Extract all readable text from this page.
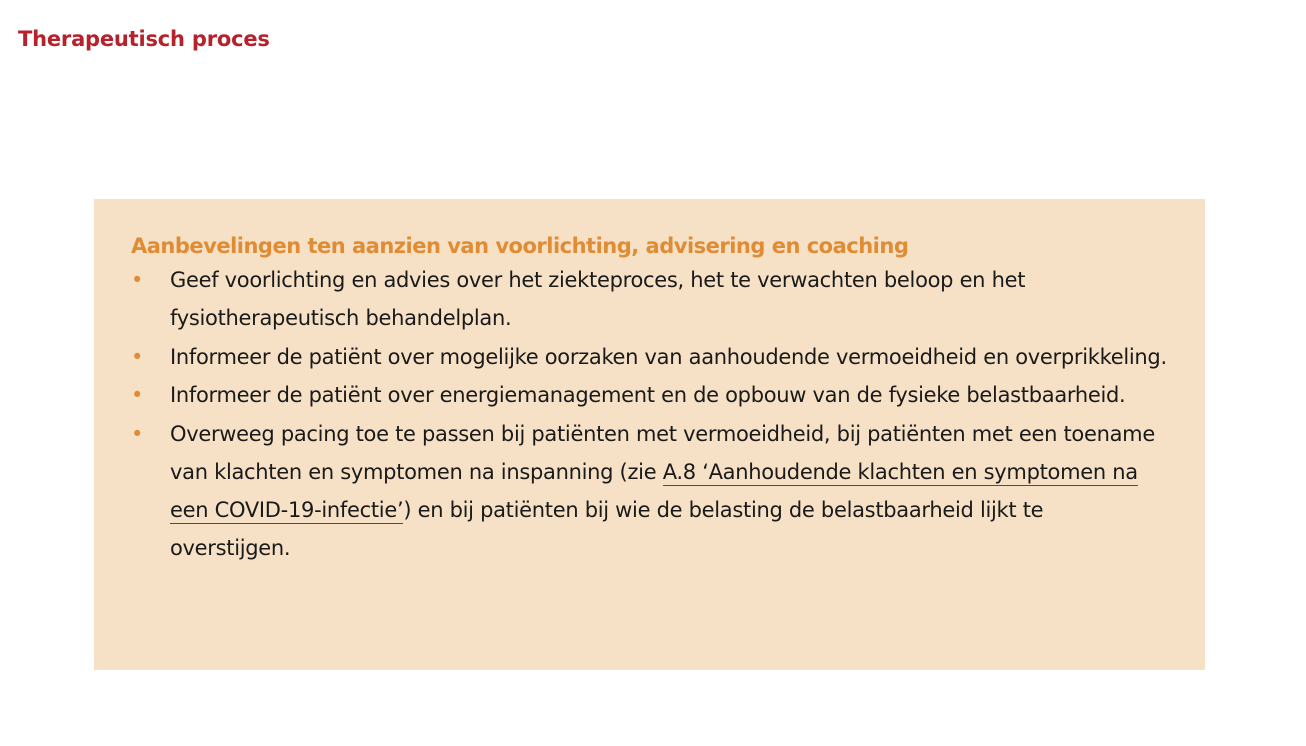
Therapeutisch proces
Aanbevelingen ten aanzien van voorlichting, advisering en coaching
• Geef voorlichting en advies over het ziekteproces, het te verwachten beloop en het fysiotherapeutisch behandelplan.
• Informeer de patiënt over mogelijke oorzaken van aanhoudende vermoeidheid en overprikkeling.
• Informeer de patiënt over energiemanagement en de opbouw van de fysieke belastbaarheid.
• Overweeg pacing toe te passen bij patiënten met vermoeidheid, bij patiënten met een toename van klachten en symptomen na inspanning (zie A.8 ‘Aanhoudende klachten en symptomen na een COVID-19-infectie’) en bij patiënten bij wie de belasting de belastbaarheid lijkt te overstijgen.
